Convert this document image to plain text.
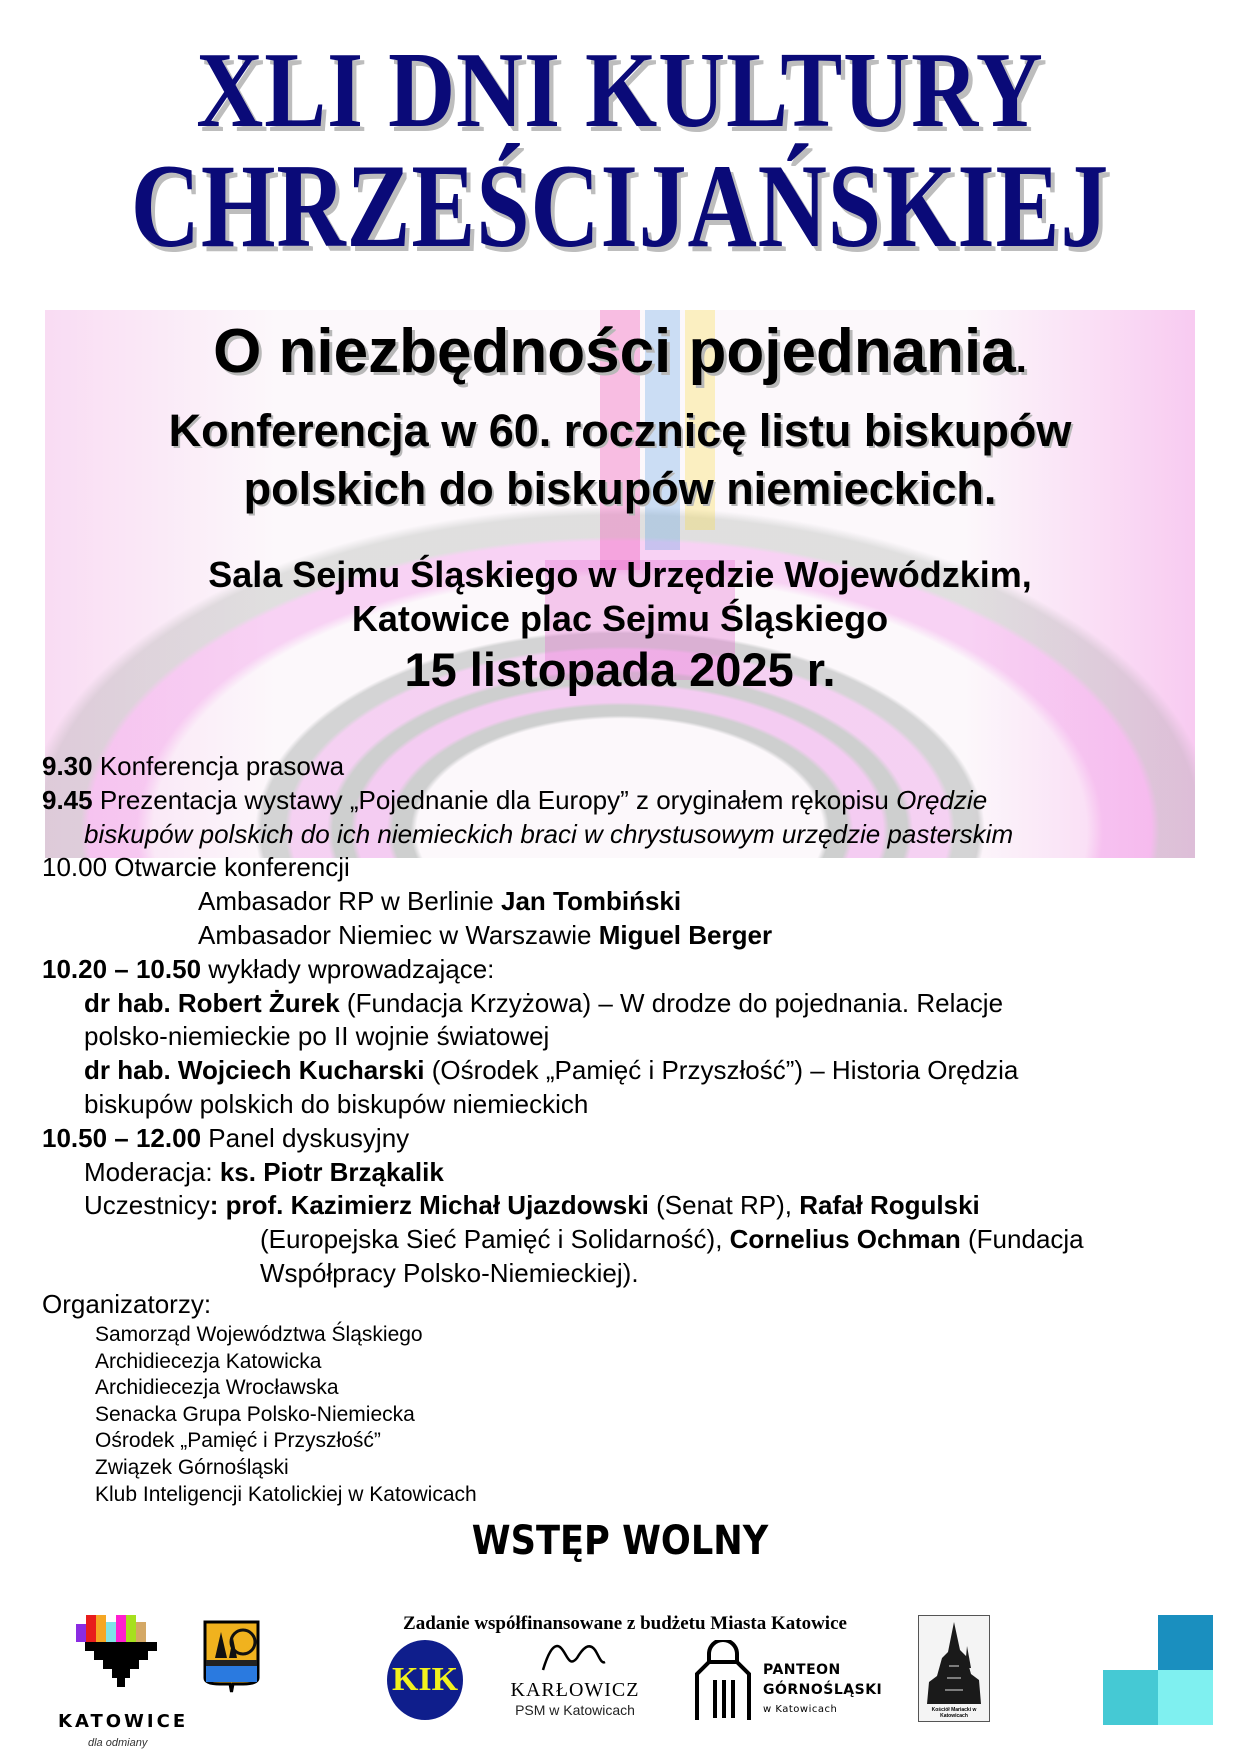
XLI DNI KULTURY
CHRZEŚCIJAŃSKIEJ
O niezbędności pojednania.
Konferencja w 60. rocznicę listu biskupów
polskich do biskupów niemieckich.
Sala Sejmu Śląskiego w Urzędzie Wojewódzkim,
Katowice plac Sejmu Śląskiego
15 listopada 2025 r.
9.30 Konferencja prasowa
9.45 Prezentacja wystawy „Pojednanie dla Europy” z oryginałem rękopisu Orędzie
biskupów polskich do ich niemieckich braci w chrystusowym urzędzie pasterskim
10.00 Otwarcie konferencji
Ambasador RP w Berlinie Jan Tombiński
Ambasador Niemiec w Warszawie Miguel Berger
10.20 – 10.50 wykłady wprowadzające:
dr hab. Robert Żurek (Fundacja Krzyżowa) – W drodze do pojednania. Relacje
polsko-niemieckie po II wojnie światowej
dr hab. Wojciech Kucharski (Ośrodek „Pamięć i Przyszłość”) – Historia Orędzia
biskupów polskich do biskupów niemieckich
10.50 – 12.00 Panel dyskusyjny
Moderacja: ks. Piotr Brząkalik
Uczestnicy: prof. Kazimierz Michał Ujazdowski (Senat RP), Rafał Rogulski
(Europejska Sieć Pamięć i Solidarność), Cornelius Ochman (Fundacja
Współpracy Polsko-Niemieckiej).
Organizatorzy:
Samorząd Województwa Śląskiego
Archidiecezja Katowicka
Archidiecezja Wrocławska
Senacka Grupa Polsko-Niemiecka
Ośrodek „Pamięć i Przyszłość”
Związek Górnośląski
Klub Inteligencji Katolickiej w Katowicach
WSTĘP WOLNY
Zadanie współfinansowane z budżetu Miasta Katowice
KATOWICE
dla odmiany
KIK	KARŁOWICZ
PSM w Katowicach
PANTEON
GÓRNOŚLĄSKI
w Katowicach	Kościół Mariacki w Katowicach
